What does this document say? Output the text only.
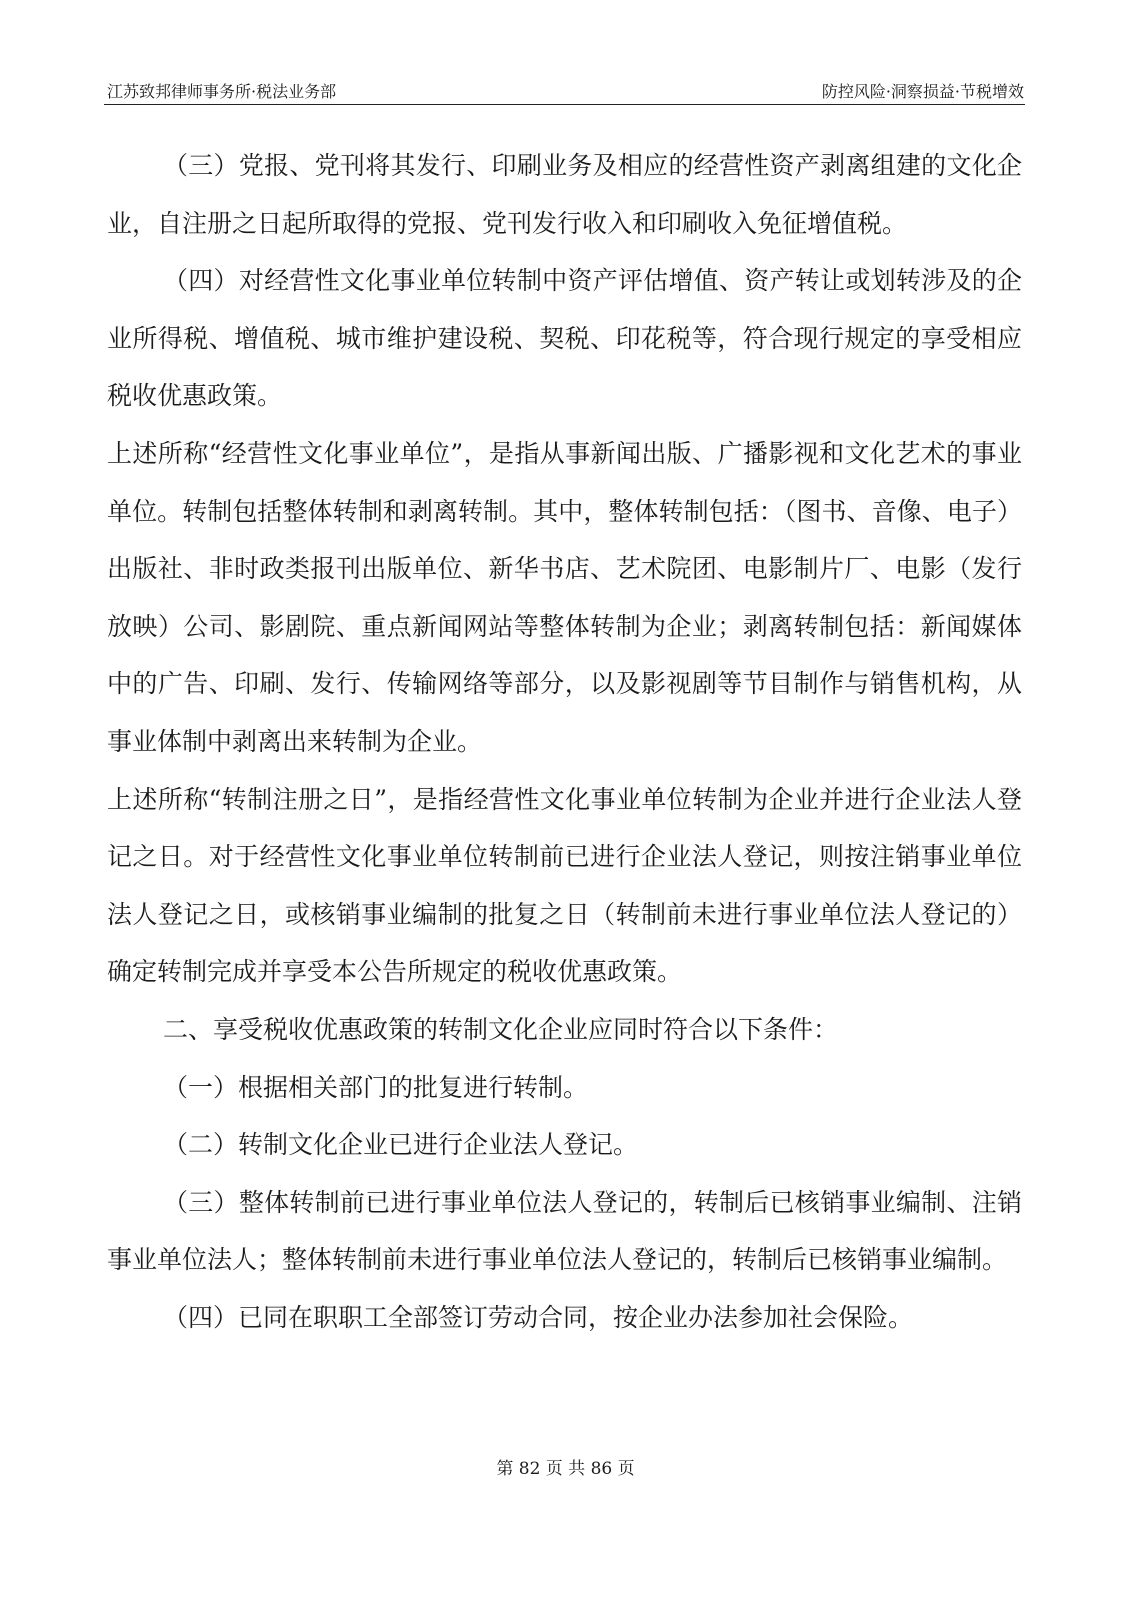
江苏致邦律师事务所·税法业务部	防控风险·洞察损益·节税增效

（三）党报、党刊将其发行、印刷业务及相应的经营性资产剥离组建的文化企业，自注册之日起所取得的党报、党刊发行收入和印刷收入免征增值税。

（四）对经营性文化事业单位转制中资产评估增值、资产转让或划转涉及的企业所得税、增值税、城市维护建设税、契税、印花税等，符合现行规定的享受相应税收优惠政策。

上述所称“经营性文化事业单位”，是指从事新闻出版、广播影视和文化艺术的事业单位。转制包括整体转制和剥离转制。其中，整体转制包括：（图书、音像、电子）出版社、非时政类报刊出版单位、新华书店、艺术院团、电影制片厂、电影（发行放映）公司、影剧院、重点新闻网站等整体转制为企业；剥离转制包括：新闻媒体中的广告、印刷、发行、传输网络等部分，以及影视剧等节目制作与销售机构，从事业体制中剥离出来转制为企业。

上述所称“转制注册之日”，是指经营性文化事业单位转制为企业并进行企业法人登记之日。对于经营性文化事业单位转制前已进行企业法人登记，则按注销事业单位法人登记之日，或核销事业编制的批复之日（转制前未进行事业单位法人登记的）确定转制完成并享受本公告所规定的税收优惠政策。

二、享受税收优惠政策的转制文化企业应同时符合以下条件：

（一）根据相关部门的批复进行转制。

（二）转制文化企业已进行企业法人登记。

（三）整体转制前已进行事业单位法人登记的，转制后已核销事业编制、注销事业单位法人；整体转制前未进行事业单位法人登记的，转制后已核销事业编制。

（四）已同在职职工全部签订劳动合同，按企业办法参加社会保险。

第 82 页 共 86 页
